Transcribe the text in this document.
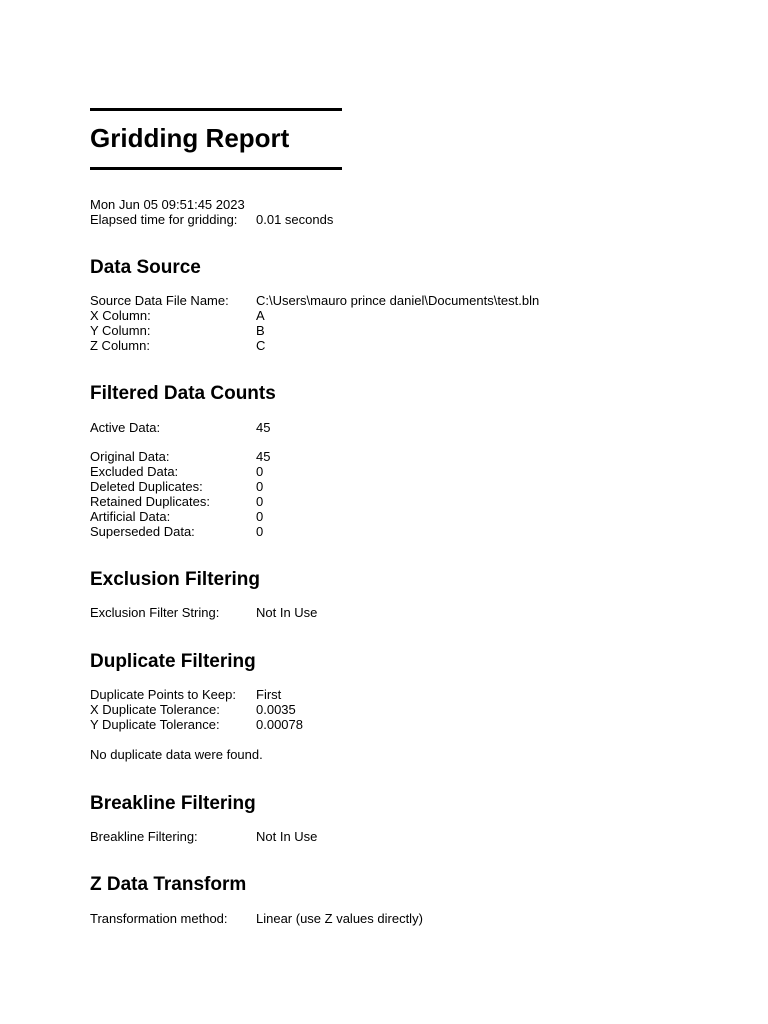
Gridding Report
Mon Jun 05 09:51:45 2023
Elapsed time for gridding:	0.01 seconds
Data Source
Source Data File Name:	C:\Users\mauro prince daniel\Documents\test.bln
X Column:	A
Y Column:	B
Z Column:	C
Filtered Data Counts
Active Data:	45
Original Data:	45
Excluded Data:	0
Deleted Duplicates:	0
Retained Duplicates:	0
Artificial Data:	0
Superseded Data:	0
Exclusion Filtering
Exclusion Filter String:	Not In Use
Duplicate Filtering
Duplicate Points to Keep:	First
X Duplicate Tolerance:	0.0035
Y Duplicate Tolerance:	0.00078
No duplicate data were found.
Breakline Filtering
Breakline Filtering:	Not In Use
Z Data Transform
Transformation method:	Linear (use Z values directly)
